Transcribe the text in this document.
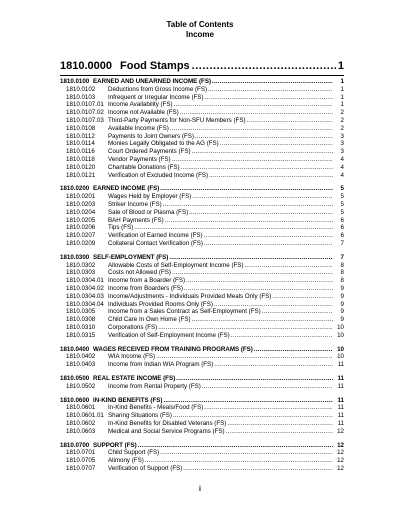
Table of Contents
Income
1810.0000 Food Stamps .....	1
1810.0100 EARNED AND UNEARNED INCOME (FS) .....	1
1810.0102	Deductions from Gross Income (FS) .....	1
1810.0103	Infrequent or Irregular Income (FS) .....	1
1810.0107.01 Income Availability (FS) .....	1
1810.0107.02 Income not Available (FS) .....	2
1810.0107.03 Third-Party Payments for Non-SFU Members (FS) .....	2
1810.0108	Available Income (FS) .....	2
1810.0112	Payments to Joint Owners (FS) .....	3
1810.0114	Monies Legally Obligated to the AG (FS) .....	3
1810.0116	Court Ordered Payments (FS) .....	3
1810.0118	Vendor Payments (FS) .....	4
1810.0120	Charitable Donations (FS) .....	4
1810.0121	Verification of Excluded Income (FS) .....	4
1810.0200 EARNED INCOME (FS) .....	5
1810.0201	Wages Held by Employer (FS) .....	5
1810.0203	Striker Income (FS) .....	5
1810.0204	Sale of Blood or Plasma (FS) .....	5
1810.0205	BAH Payments (FS) .....	6
1810.0206	Tips (FS) .....	6
1810.0207	Verification of Earned Income (FS) .....	6
1810.0209	Collateral Contact Verification (FS) .....	7
1810.0300 SELF-EMPLOYMENT (FS) .....	7
1810.0302	Allowable Costs of Self-Employment Income (FS) .....	8
1810.0303	Costs not Allowed (FS) .....	8
1810.0304.01 Income from a Boarder (FS) .....	8
1810.0304.02 Income from Boarders (FS) .....	9
1810.0304.03 Income/Adjustments - Individuals Provided Meals Only (FS) .....	9
1810.0304.04 Individuals Provided Rooms Only (FS) .....	9
1810.0305	Income from a Sales Contract as Self-Employment (FS) .....	9
1810.0308	Child Care In Own Home (FS) .....	9
1810.0310	Corporations (FS) .....	10
1810.0315	Verification of Self-Employment Income (FS) .....	10
1810.0400 WAGES RECEIVED FROM TRAINING PROGRAMS (FS) .....	10
1810.0402	WIA Income (FS) .....	10
1810.0403	Income from Indian WIA Program (FS) .....	11
1810.0500 REAL ESTATE INCOME (FS) .....	11
1810.0502	Income from Rental Property (FS) .....	11
1810.0600 IN-KIND BENEFITS (FS) .....	11
1810.0601	In-Kind Benefits - Meals/Food (FS) .....	11
1810.0601.01 Sharing Situations (FS) .....	11
1810.0602	In-Kind Benefits for Disabled Veterans (FS) .....	11
1810.0603	Medical and Social Service Programs (FS) .....	12
1810.0700 SUPPORT (FS) .....	12
1810.0701	Child Support (FS) .....	12
1810.0705	Alimony (FS) .....	12
1810.0707	Verification of Support (FS) .....	12
i
